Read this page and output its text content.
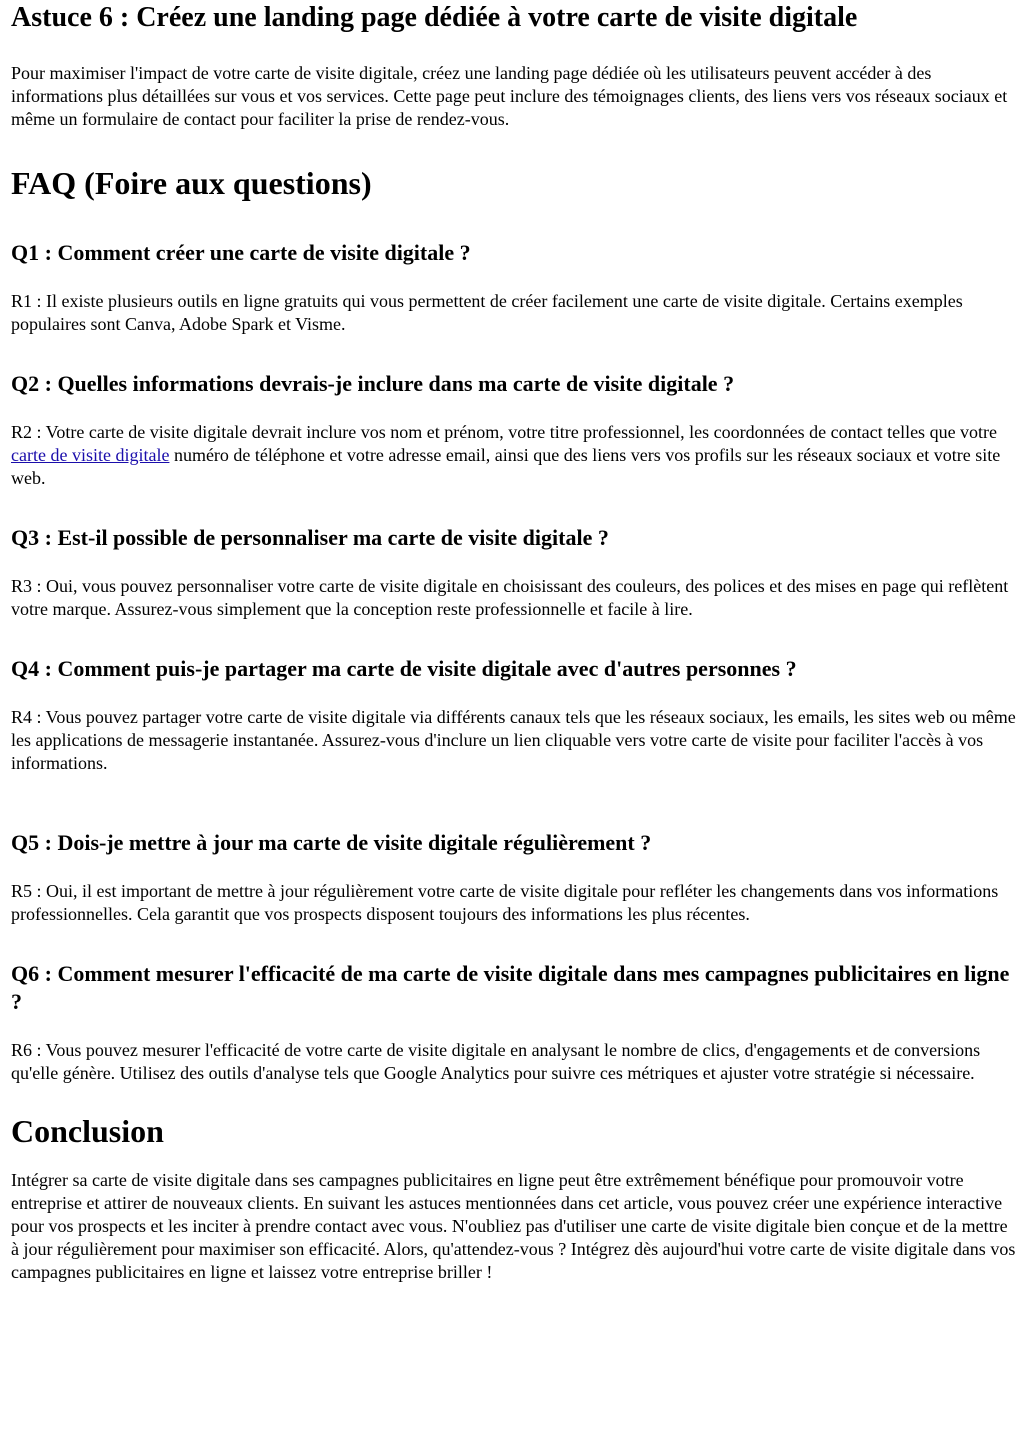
Astuce 6 : Créez une landing page dédiée à votre carte de visite digitale

Pour maximiser l'impact de votre carte de visite digitale, créez une landing page dédiée où les utilisateurs peuvent accéder à des informations plus détaillées sur vous et vos services. Cette page peut inclure des témoignages clients, des liens vers vos réseaux sociaux et même un formulaire de contact pour faciliter la prise de rendez-vous.

FAQ (Foire aux questions)
Q1 : Comment créer une carte de visite digitale ?

R1 : Il existe plusieurs outils en ligne gratuits qui vous permettent de créer facilement une carte de visite digitale. Certains exemples populaires sont Canva, Adobe Spark et Visme.

Q2 : Quelles informations devrais-je inclure dans ma carte de visite digitale ?

R2 : Votre carte de visite digitale devrait inclure vos nom et prénom, votre titre professionnel, les coordonnées de contact telles que votre carte de visite digitale numéro de téléphone et votre adresse email, ainsi que des liens vers vos profils sur les réseaux sociaux et votre site web.

Q3 : Est-il possible de personnaliser ma carte de visite digitale ?

R3 : Oui, vous pouvez personnaliser votre carte de visite digitale en choisissant des couleurs, des polices et des mises en page qui reflètent votre marque. Assurez-vous simplement que la conception reste professionnelle et facile à lire.

Q4 : Comment puis-je partager ma carte de visite digitale avec d'autres personnes ?

R4 : Vous pouvez partager votre carte de visite digitale via différents canaux tels que les réseaux sociaux, les emails, les sites web ou même les applications de messagerie instantanée. Assurez-vous d'inclure un lien cliquable vers votre carte de visite pour faciliter l'accès à vos informations.

Q5 : Dois-je mettre à jour ma carte de visite digitale régulièrement ?

R5 : Oui, il est important de mettre à jour régulièrement votre carte de visite digitale pour refléter les changements dans vos informations professionnelles. Cela garantit que vos prospects disposent toujours des informations les plus récentes.

Q6 : Comment mesurer l'efficacité de ma carte de visite digitale dans mes campagnes publicitaires en ligne ?

R6 : Vous pouvez mesurer l'efficacité de votre carte de visite digitale en analysant le nombre de clics, d'engagements et de conversions qu'elle génère. Utilisez des outils d'analyse tels que Google Analytics pour suivre ces métriques et ajuster votre stratégie si nécessaire.

Conclusion

Intégrer sa carte de visite digitale dans ses campagnes publicitaires en ligne peut être extrêmement bénéfique pour promouvoir votre entreprise et attirer de nouveaux clients. En suivant les astuces mentionnées dans cet article, vous pouvez créer une expérience interactive pour vos prospects et les inciter à prendre contact avec vous. N'oubliez pas d'utiliser une carte de visite digitale bien conçue et de la mettre à jour régulièrement pour maximiser son efficacité. Alors, qu'attendez-vous ? Intégrez dès aujourd'hui votre carte de visite digitale dans vos campagnes publicitaires en ligne et laissez votre entreprise briller !
